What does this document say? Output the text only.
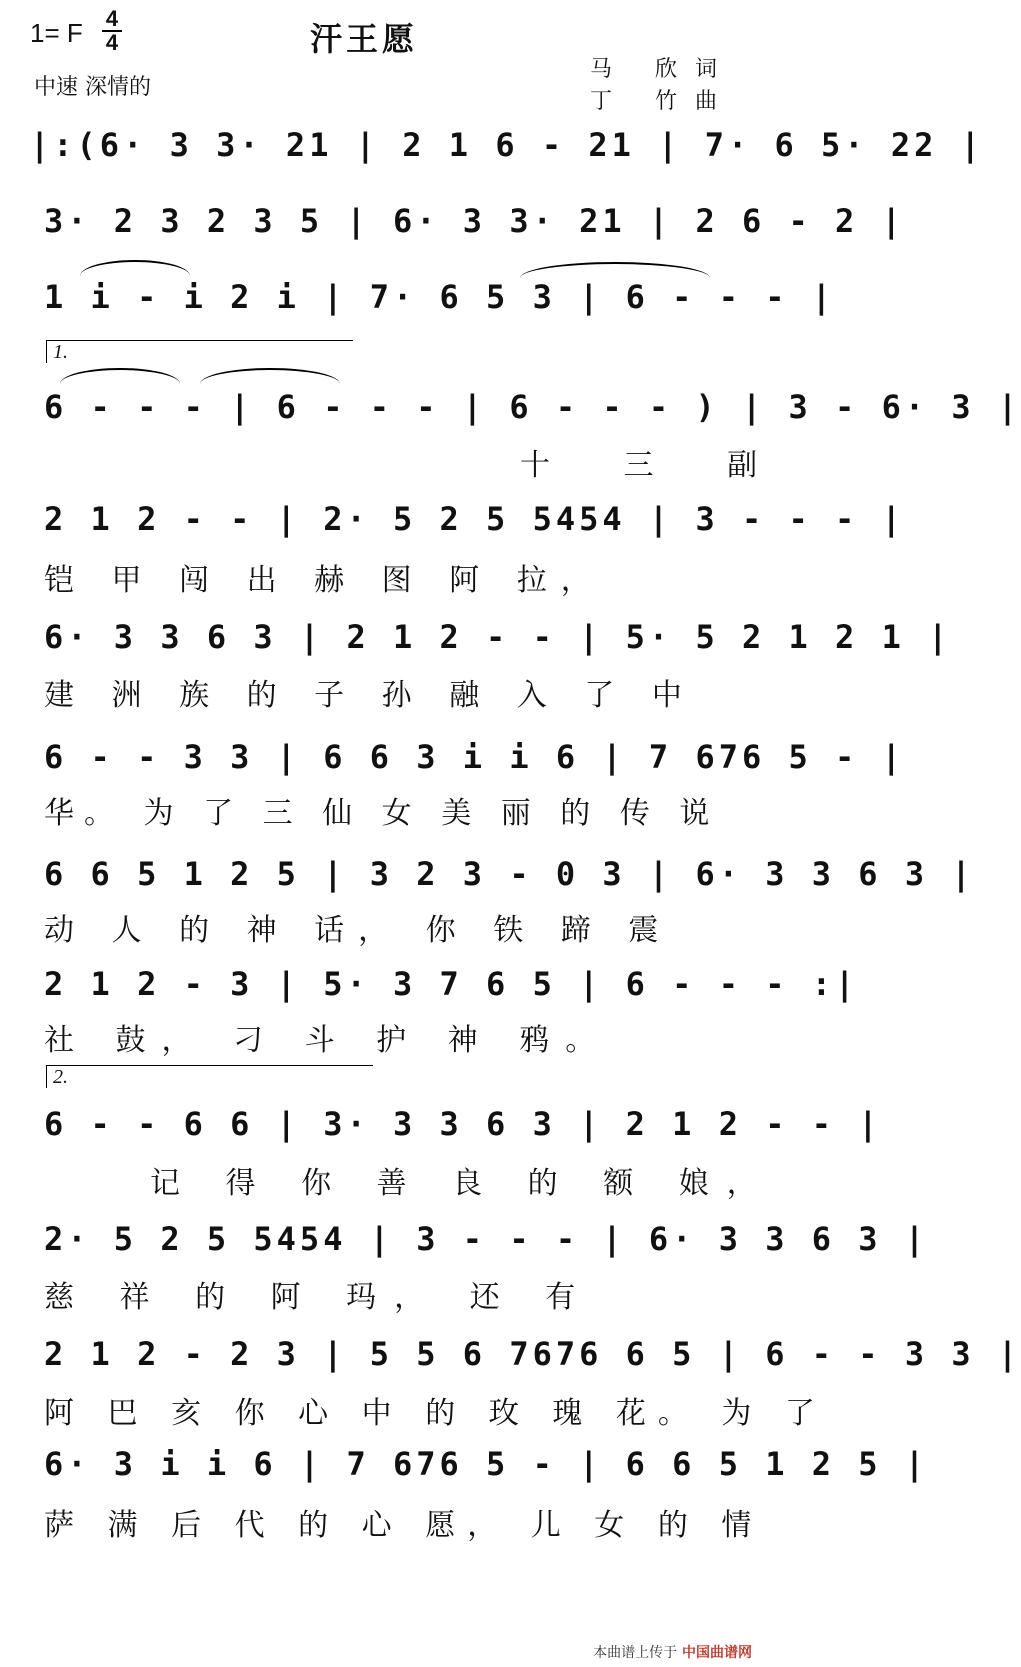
1= F 4
4	汗王愿
中速 深情的
马 欣词
丁 竹曲
|:(6· 3 3· 21 | 2 1 6 - 21 | 7· 6 5· 22 |
3· 2 3 2 3 5 | 6· 3 3· 21 | 2 6 - 2 |
1 i - i 2 i | 7· 6 5 3 | 6 - - - |
1.
6 - - - | 6 - - - | 6 - - - ) | 3 - 6· 3 |
十 三 副
2 1 2 - - | 2· 5 2 5 5454 | 3 - - - |
铠 甲 闯 出 赫 图 阿 拉，
6· 3 3 6 3 | 2 1 2 - - | 5· 5 2 1 2 1 |
建 洲 族 的 子 孙 融 入 了 中
6 - - 3 3 | 6 6 3 i i 6 | 7 676 5 - |
华。 为 了 三 仙 女 美 丽 的 传 说
6 6 5 1 2 5 | 3 2 3 - 0 3 | 6· 3 3 6 3 |
动 人 的 神 话， 你 铁 蹄 震
2 1 2 - 3 | 5· 3 7 6 5 | 6 - - - :|
社 鼓， 刁 斗 护 神 鸦。
2.
6 - - 6 6 | 3· 3 3 6 3 | 2 1 2 - - |
记 得 你 善 良 的 额 娘，
2· 5 2 5 5454 | 3 - - - | 6· 3 3 6 3 |
慈 祥 的 阿 玛， 还 有
2 1 2 - 2 3 | 5 5 6 7676 6 5 | 6 - - 3 3 |
阿 巴 亥 你 心 中 的 玫 瑰 花。 为 了
6· 3 i i 6 | 7 676 5 - | 6 6 5 1 2 5 |
萨 满 后 代 的 心 愿， 儿 女 的 情
本曲谱上传于 中国曲谱网
